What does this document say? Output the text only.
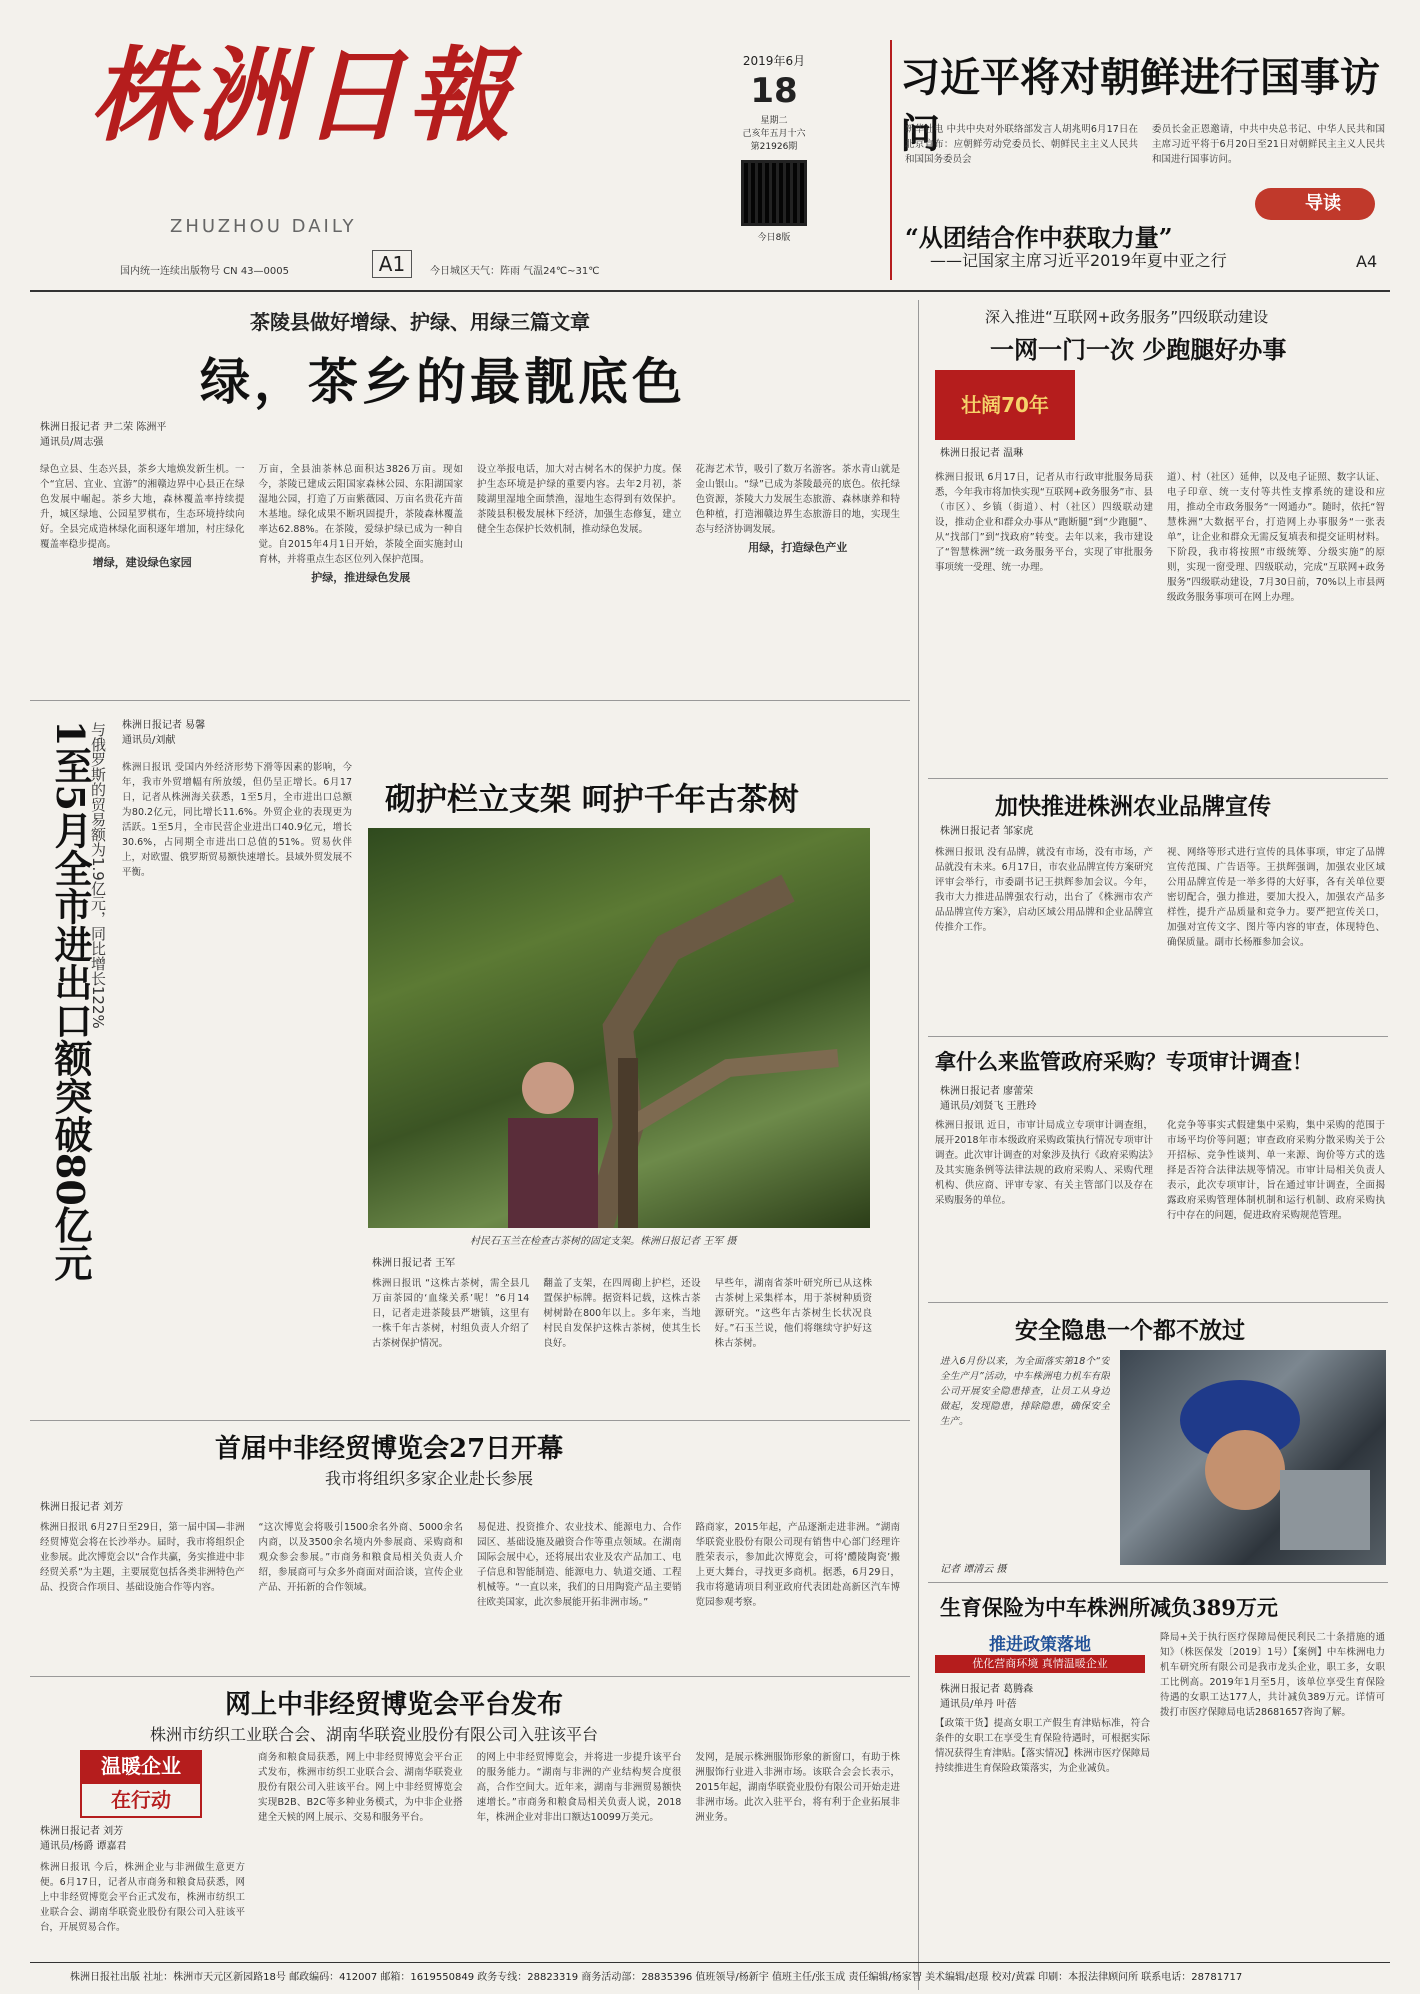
株洲日報
ZHUZHOU DAILY
国内统一连续出版物号 CN 43—0005	A1	今日城区天气：阵雨 气温24℃~31℃
2019年6月
18
星期二
己亥年五月十六
第21926期
今日8版
习近平将对朝鲜进行国事访问
新华社电 中共中央对外联络部发言人胡兆明6月17日在北京宣布：应朝鲜劳动党委员长、朝鲜民主主义人民共和国国务委员会
委员长金正恩邀请，中共中央总书记、中华人民共和国主席习近平将于6月20日至21日对朝鲜民主主义人民共和国进行国事访问。
导读
“从团结合作中获取力量”
——记国家主席习近平2019年夏中亚之行	A4
茶陵县做好增绿、护绿、用绿三篇文章
绿，茶乡的最靓底色
株洲日报记者 尹二荣 陈洲平
通讯员/周志强
绿色立县、生态兴县，茶乡大地焕发新生机。一个“宜居、宜业、宜游”的湘赣边界中心县正在绿色发展中崛起。茶乡大地，森林覆盖率持续提升，城区绿地、公园星罗棋布，生态环境持续向好。全县完成造林绿化面积逐年增加，村庄绿化覆盖率稳步提高。
增绿，建设绿色家园
万亩，全县油茶林总面积达3826万亩。现如今，茶陵已建成云阳国家森林公园、东阳湖国家湿地公园，打造了万亩紫薇园、万亩名贵花卉苗木基地。绿化成果不断巩固提升，茶陵森林覆盖率达62.88%。在茶陵，爱绿护绿已成为一种自觉。自2015年4月1日开始，茶陵全面实施封山育林，并将重点生态区位列入保护范围。
护绿，推进绿色发展
设立举报电话，加大对古树名木的保护力度。保护生态环境是护绿的重要内容。去年2月初，茶陵湖里湿地全面禁渔，湿地生态得到有效保护。茶陵县积极发展林下经济，加强生态修复，建立健全生态保护长效机制，推动绿色发展。
花海艺术节，吸引了数万名游客。茶水青山就是金山银山。“绿”已成为茶陵最亮的底色。依托绿色资源，茶陵大力发展生态旅游、森林康养和特色种植，打造湘赣边界生态旅游目的地，实现生态与经济协调发展。
用绿，打造绿色产业
1至5月全市进出口额突破80亿元
与俄罗斯的贸易额为1.9亿元，同比增长122% 株洲日报记者 易馨
通讯员/刘献
株洲日报讯 受国内外经济形势下滑等因素的影响，今年，我市外贸增幅有所放缓，但仍呈正增长。6月17日，记者从株洲海关获悉，1至5月，全市进出口总额为80.2亿元，同比增长11.6%。外贸企业的表现更为活跃。1至5月，全市民营企业进出口40.9亿元，增长30.6%，占同期全市进出口总值的51%。贸易伙伴上，对欧盟、俄罗斯贸易额快速增长。县域外贸发展不平衡。
砌护栏立支架 呵护千年古茶树
村民石玉兰在检查古茶树的固定支架。株洲日报记者 王军 摄
株洲日报记者 王军
株洲日报讯 “这株古茶树，需全县几万亩茶园的‘血缘关系’呢！”6月14日，记者走进茶陵县严塘镇，这里有一株千年古茶树，村组负责人介绍了古茶树保护情况。
翻盖了支架，在四周砌上护栏，还设置保护标牌。据资料记载，这株古茶树树龄在800年以上。多年来，当地村民自发保护这株古茶树，使其生长良好。
早些年，湖南省茶叶研究所已从这株古茶树上采集样本，用于茶树种质资源研究。“这些年古茶树生长状况良好。”石玉兰说，他们将继续守护好这株古茶树。
深入推进“互联网+政务服务”四级联动建设
一网一门一次 少跑腿好办事
壮阔70年
株洲日报记者 温琳
株洲日报讯 6月17日，记者从市行政审批服务局获悉，今年我市将加快实现“互联网+政务服务”市、县（市区）、乡镇（街道）、村（社区）四级联动建设，推动企业和群众办事从“跑断腿”到“少跑腿”、从“找部门”到“找政府”转变。去年以来，我市建设了“智慧株洲”统一政务服务平台，实现了审批服务事项统一受理、统一办理。
道）、村（社区）延伸，以及电子证照、数字认证、电子印章、统一支付等共性支撑系统的建设和应用，推动全市政务服务“一网通办”。随时，依托“智慧株洲”大数据平台，打造网上办事服务“一张表单”，让企业和群众无需反复填表和提交证明材料。下阶段，我市将按照“市级统筹、分级实施”的原则，实现一窗受理、四级联动，完成“互联网+政务服务”四级联动建设，7月30日前，70%以上市县两级政务服务事项可在网上办理。
加快推进株洲农业品牌宣传
株洲日报记者 邹家虎
株洲日报讯 没有品牌，就没有市场，没有市场，产品就没有未来。6月17日，市农业品牌宣传方案研究评审会举行，市委副书记王拱辉参加会议。今年，我市大力推进品牌强农行动，出台了《株洲市农产品品牌宣传方案》，启动区域公用品牌和企业品牌宣传推介工作。
视、网络等形式进行宣传的具体事项，审定了品牌宣传范围、广告语等。王拱辉强调，加强农业区域公用品牌宣传是一举多得的大好事，各有关单位要密切配合，强力推进，要加大投入，加强农产品多样性，提升产品质量和竞争力。要严把宣传关口，加强对宣传文字、图片等内容的审查，体现特色、确保质量。副市长杨雁参加会议。
拿什么来监管政府采购？专项审计调查！
株洲日报记者 廖蕾荣
通讯员/刘贤飞 王胜玲
株洲日报讯 近日，市审计局成立专项审计调查组，展开2018年市本级政府采购政策执行情况专项审计调查。此次审计调查的对象涉及执行《政府采购法》及其实施条例等法律法规的政府采购人、采购代理机构、供应商、评审专家、有关主管部门以及存在采购服务的单位。
化竞争等事实式假建集中采购，集中采购的范围于市场平均价等问题；审查政府采购分散采购关于公开招标、竞争性谈判、单一来源、询价等方式的选择是否符合法律法规等情况。市审计局相关负责人表示，此次专项审计，旨在通过审计调查，全面揭露政府采购管理体制机制和运行机制、政府采购执行中存在的问题，促进政府采购规范管理。
安全隐患一个都不放过
进入6月份以来，为全面落实第18个“安全生产月”活动，中车株洲电力机车有限公司开展安全隐患排查，让员工从身边做起，发现隐患，排除隐患，确保安全生产。
记者 谭清云 摄
生育保险为中车株洲所减负389万元
推进政策落地
优化营商环境 真情温暖企业
株洲日报记者 葛腾森
通讯员/单丹 叶蓓
【政策干货】提高女职工产假生育津贴标准，符合条件的女职工在享受生育保险待遇时，可根据实际情况获得生育津贴。【落实情况】株洲市医疗保障局持续推进生育保险政策落实，为企业减负。
降局+关于执行医疗保障局便民利民二十条措施的通知》（株医保发〔2019〕1号）【案例】中车株洲电力机车研究所有限公司是我市龙头企业，职工多，女职工比例高。2019年1月至5月，该单位享受生育保险待遇的女职工达177人，共计减负389万元。详情可拨打市医疗保障局电话28681657咨询了解。
首届中非经贸博览会27日开幕
我市将组织多家企业赴长参展
株洲日报记者 刘芳
株洲日报讯 6月27日至29日，第一届中国—非洲经贸博览会将在长沙举办。届时，我市将组织企业参展。此次博览会以“合作共赢，务实推进中非经贸关系”为主题，主要展览包括各类非洲特色产品、投资合作项目、基础设施合作等内容。
“这次博览会将吸引1500余名外商、5000余名内商，以及3500余名境内外参展商、采购商和观众参会参展。”市商务和粮食局相关负责人介绍，参展商可与众多外商面对面洽谈，宣传企业产品、开拓新的合作领域。
易促进、投资推介、农业技术、能源电力、合作园区、基础设施及融资合作等重点领域。在湖南国际会展中心，还将展出农业及农产品加工、电子信息和智能制造、能源电力、轨道交通、工程机械等。“一直以来，我们的日用陶瓷产品主要销往欧美国家，此次参展能开拓非洲市场。”
路商家，2015年起，产品逐渐走进非洲。“湖南华联瓷业股份有限公司现有销售中心部门经理许胜荣表示，参加此次博览会，可将‘醴陵陶瓷’搬上更大舞台，寻找更多商机。据悉，6月29日，我市将邀请项目利亚政府代表团赴高新区汽车博览园参观考察。
网上中非经贸博览会平台发布
株洲市纺织工业联合会、湖南华联瓷业股份有限公司入驻该平台
温暖企业
在行动
株洲日报记者 刘芳
通讯员/杨爵 谭嘉君
株洲日报讯 今后，株洲企业与非洲做生意更方便。6月17日，记者从市商务和粮食局获悉，网上中非经贸博览会平台正式发布，株洲市纺织工业联合会、湖南华联瓷业股份有限公司入驻该平台，开展贸易合作。
商务和粮食局获悉，网上中非经贸博览会平台正式发布，株洲市纺织工业联合会、湖南华联瓷业股份有限公司入驻该平台。网上中非经贸博览会实现B2B、B2C等多种业务模式，为中非企业搭建全天候的网上展示、交易和服务平台。
的网上中非经贸博览会，并将进一步提升该平台的服务能力。“湖南与非洲的产业结构契合度很高，合作空间大。近年来，湖南与非洲贸易额快速增长。”市商务和粮食局相关负责人说，2018年，株洲企业对非出口额达10099万美元。
发网，是展示株洲服饰形象的新窗口，有助于株洲服饰行业进入非洲市场。该联合会会长表示，2015年起，湖南华联瓷业股份有限公司开始走进非洲市场。此次入驻平台，将有利于企业拓展非洲业务。
株洲日报社出版 社址：株洲市天元区新园路18号 邮政编码：412007 邮箱：1619550849 政务专线：28823319 商务活动部：28835396 值班领导/杨新宇 值班主任/张玉成 责任编辑/杨家智 美术编辑/赵璟 校对/黄霖 印刷：本报法律顾问所 联系电话：28781717
